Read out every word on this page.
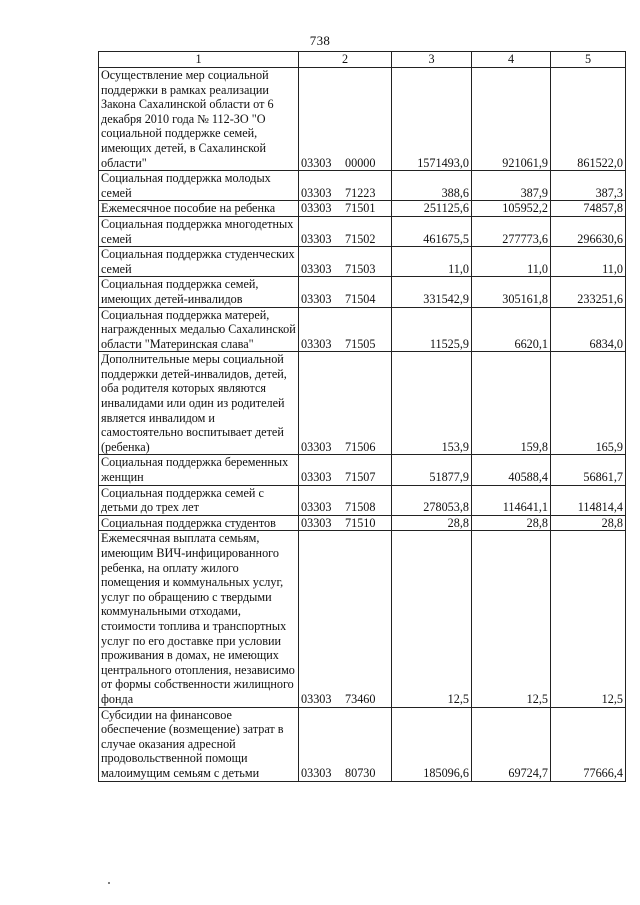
738
1	2	3	4	5
Осуществление мер социальной поддержки в рамках реализации Закона Сахалинской области от 6 декабря 2010 года № 112-ЗО "О социальной поддержке семей, имеющих детей, в Сахалинской области"	03303 00000	1571493,0	921061,9	861522,0
Социальная поддержка молодых семей	03303 71223	388,6	387,9	387,3
Ежемесячное пособие на ребенка	03303 71501	251125,6	105952,2	74857,8
Социальная поддержка многодетных семей	03303 71502	461675,5	277773,6	296630,6
Социальная поддержка студенческих семей	03303 71503	11,0	11,0	11,0
Социальная поддержка семей, имеющих детей-инвалидов	03303 71504	331542,9	305161,8	233251,6
Социальная поддержка матерей, награжденных медалью Сахалинской области "Материнская слава"	03303 71505	11525,9	6620,1	6834,0
Дополнительные меры социальной поддержки детей-инвалидов, детей, оба родителя которых являются инвалидами или один из родителей является инвалидом и самостоятельно воспитывает детей (ребенка)	03303 71506	153,9	159,8	165,9
Социальная поддержка беременных женщин	03303 71507	51877,9	40588,4	56861,7
Социальная поддержка семей с детьми до трех лет	03303 71508	278053,8	114641,1	114814,4
Социальная поддержка студентов	03303 71510	28,8	28,8	28,8
Ежемесячная выплата семьям, имеющим ВИЧ-инфицированного ребенка, на оплату жилого помещения и коммунальных услуг, услуг по обращению с твердыми коммунальными отходами, стоимости топлива и транспортных услуг по его доставке при условии проживания в домах, не имеющих центрального отопления, независимо от формы собственности жилищного фонда	03303 73460	12,5	12,5	12,5
Субсидии на финансовое обеспечение (возмещение) затрат в случае оказания адресной продовольственной помощи малоимущим семьям с детьми	03303 80730	185096,6	69724,7	77666,4
